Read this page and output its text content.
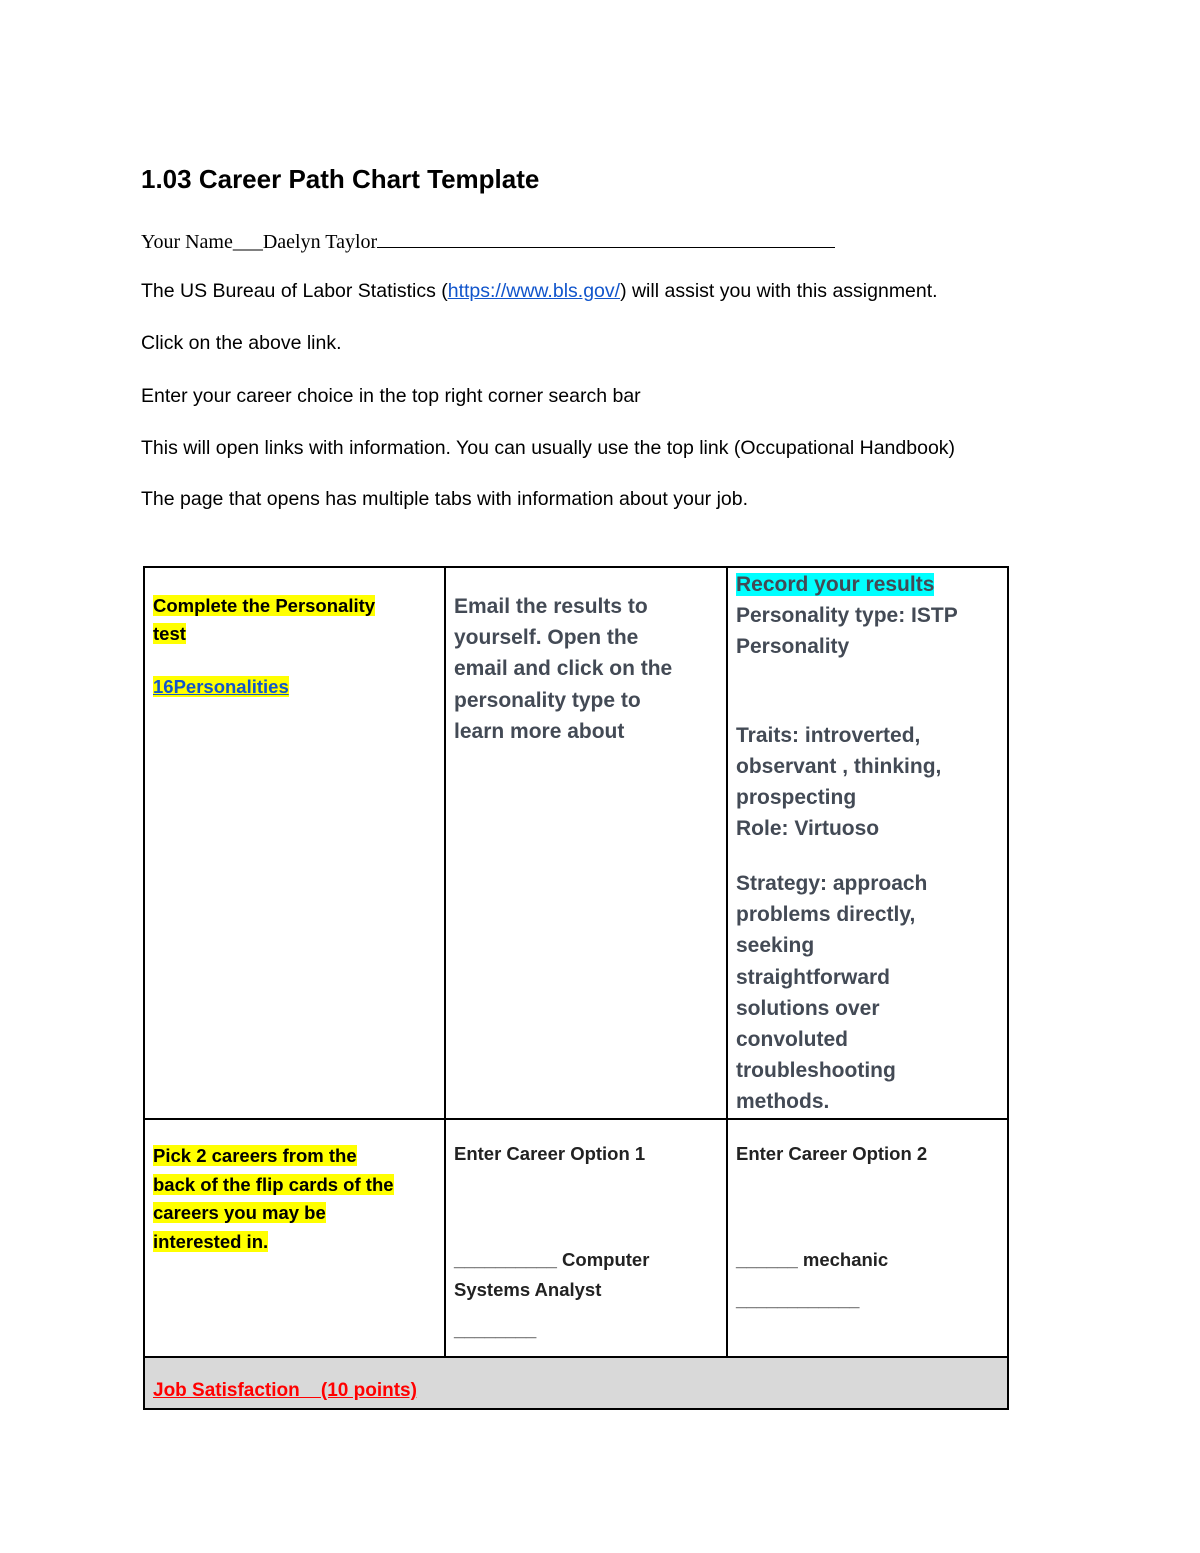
1.03 Career Path Chart Template
Your Name___Daelyn Taylor
The US Bureau of Labor Statistics (https://www.bls.gov/) will assist you with this assignment.
Click on the above link.
Enter your career choice in the top right corner search bar
This will open links with information. You can usually use the top link (Occupational Handbook)
The page that opens has multiple tabs with information about your job.
Complete the Personality
test
16Personalities
Email the results to
yourself. Open the
email and click on the
personality type to
learn more about
Record your results
Personality type: ISTP
Personality
Traits: introverted,
observant , thinking,
prospecting
Role: Virtuoso
Strategy: approach
problems directly,
seeking
straightforward
solutions over
convoluted
troubleshooting
methods.
Pick 2 careers from the
back of the flip cards of the
careers you may be
interested in.
Enter Career Option 1
__________ Computer
Systems Analyst
________
Enter Career Option 2
______ mechanic
____________
Job Satisfaction    (10 points)
